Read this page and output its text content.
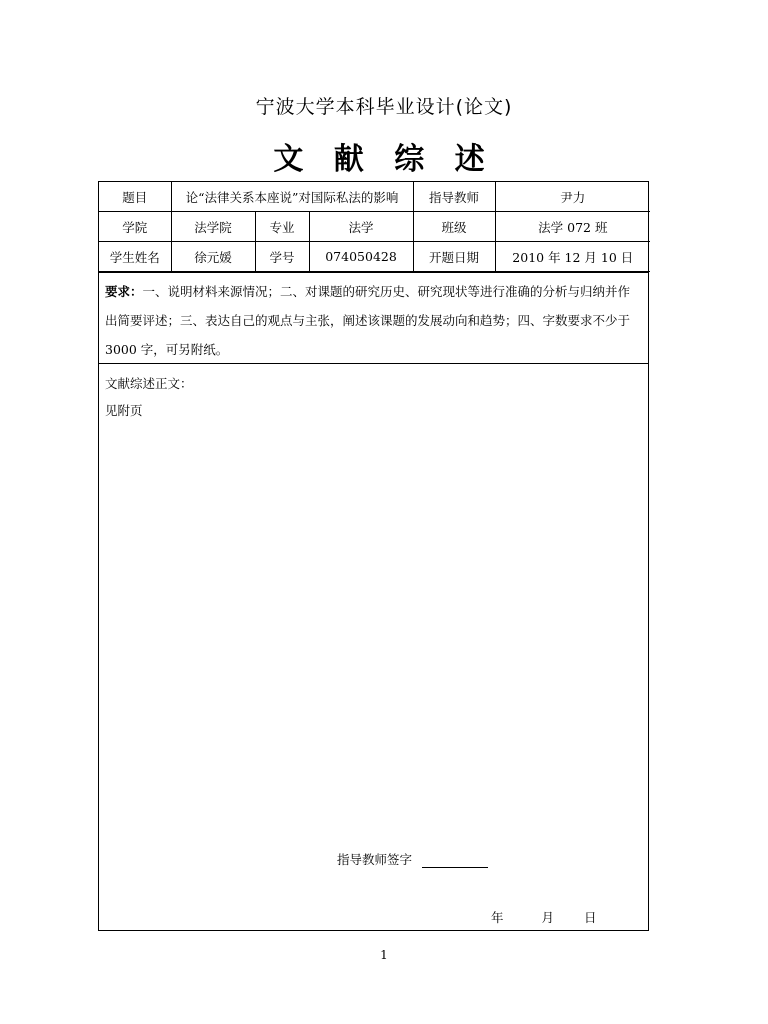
宁波大学本科毕业设计(论文)
文 献 综 述
题目	论“法律关系本座说”对国际私法的影响			指导教师	尹力
学院	法学院	专业	法学	班级	法学 072 班
学生姓名	徐元媛	学号	074050428	开题日期	2010 年 12 月 10 日
要求：一、说明材料来源情况；二、对课题的研究历史、研究现状等进行准确的分析与归纳并作出简要评述；三、表达自己的观点与主张，阐述该课题的发展动向和趋势；四、字数要求不少于 3000 字，可另附纸。
文献综述正文：
见附页
指导教师签字
年	月 日
1
